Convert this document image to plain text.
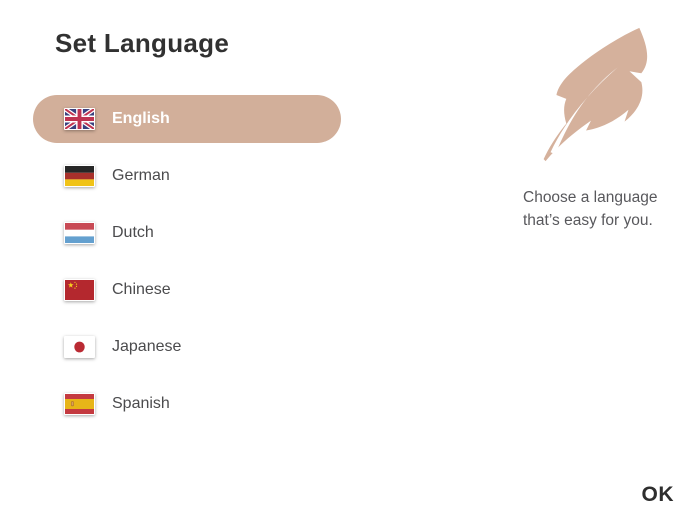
Set Language
English
German
Dutch
Chinese
Japanese
Spanish
Choose a language
that’s easy for you.
OK
